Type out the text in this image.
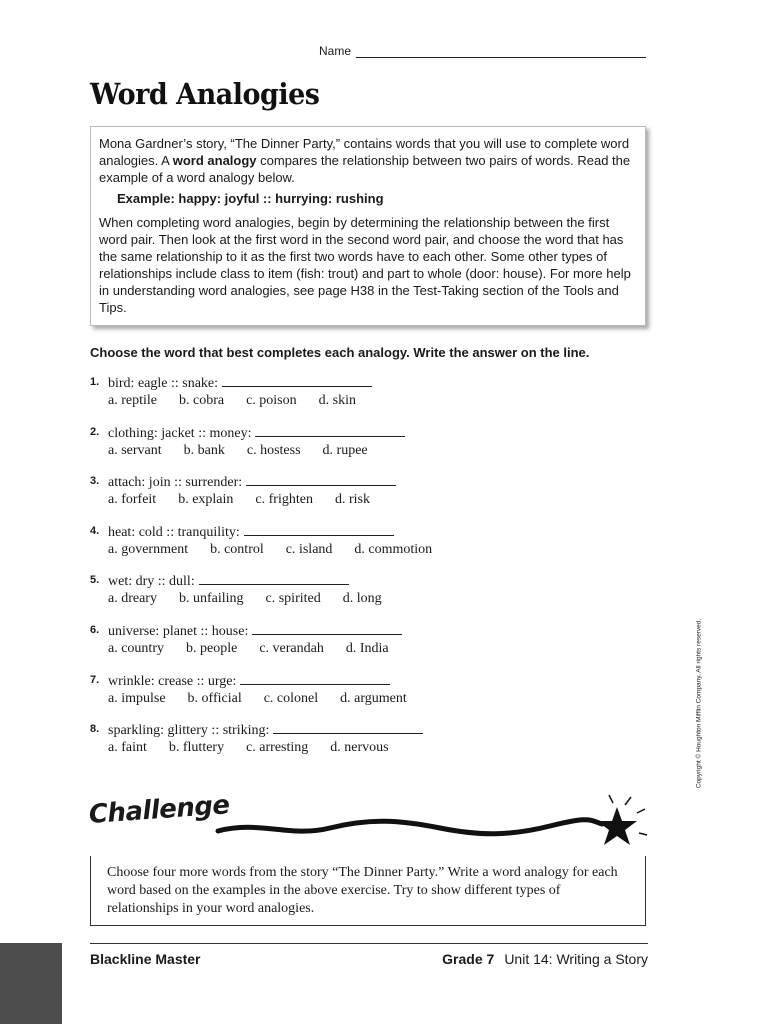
Name
Word Analogies

Mona Gardner’s story, “The Dinner Party,” contains words that you will use to complete word analogies. A word analogy compares the relationship between two pairs of words. Read the example of a word analogy below.

Example: happy: joyful :: hurrying: rushing

When completing word analogies, begin by determining the relationship between the first word pair. Then look at the first word in the second word pair, and choose the word that has the same relationship to it as the first two words have to each other. Some other types of relationships include class to item (fish: trout) and part to whole (door: house). For more help in understanding word analogies, see page H38 in the Test-Taking section of the Tools and Tips.

Choose the word that best completes each analogy. Write the answer on the line.
1. bird: eagle :: snake:
a. reptile b. cobra c. poison d. skin
2. clothing: jacket :: money:
a. servant b. bank c. hostess d. rupee
3. attach: join :: surrender:
a. forfeit b. explain c. frighten d. risk
4. heat: cold :: tranquility:
a. government b. control c. island d. commotion
5. wet: dry :: dull:
a. dreary b. unfailing c. spirited d. long
6. universe: planet :: house:
a. country b. people c. verandah d. India
7. wrinkle: crease :: urge:
a. impulse b. official c. colonel d. argument
8. sparkling: glittery :: striking:
a. faint b. fluttery c. arresting d. nervous
Challenge
Choose four more words from the story “The Dinner Party.” Write a word analogy for each word based on the examples in the above exercise. Try to show different types of relationships in your word analogies.
Copyright © Houghton Mifflin Company. All rights reserved.
Blackline Master	Grade 7 Unit 14: Writing a Story
